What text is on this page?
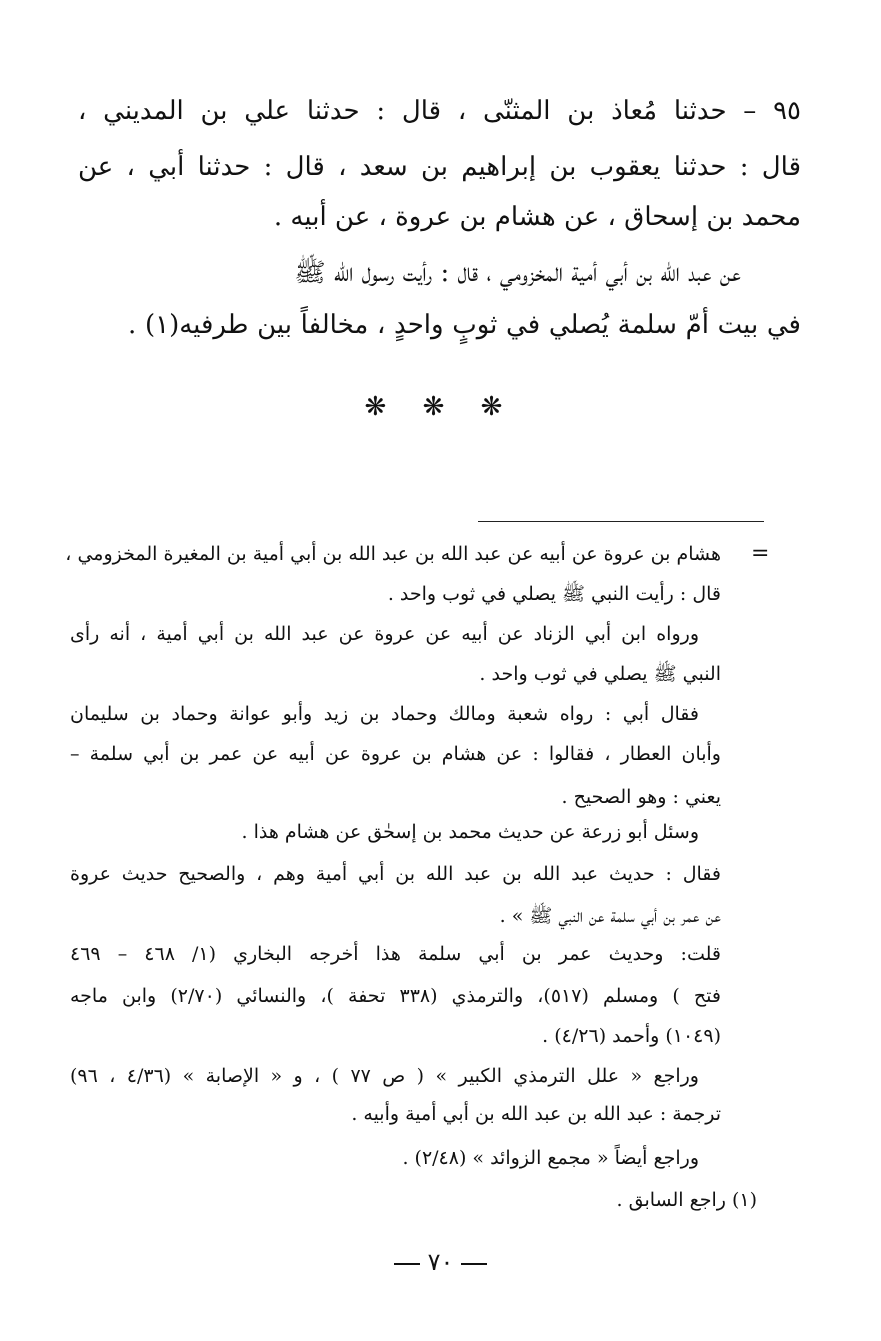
٩٥ – حدثنا مُعاذ بن المثنّى ، قال : حدثنا علي بن المديني ،
قال : حدثنا يعقوب بن إبراهيم بن سعد ، قال : حدثنا أبي ، عن
محمد بن إسحاق ، عن هشام بن عروة ، عن أبيه .
عن عبد الله بن أبي أمية المخزومي ، قال : رأيت رسول الله ﷺ
في بيت أمّ سلمة يُصلي في ثوبٍ واحدٍ ، مخالفاً بين طرفيه(١) .
❋ ❋ ❋
=
هشام بن عروة عن أبيه عن عبد الله بن عبد الله بن أبي أمية بن المغيرة المخزومي ،
قال : رأيت النبي ﷺ يصلي في ثوب واحد .
ورواه ابن أبي الزناد عن أبيه عن عروة عن عبد الله بن أبي أمية ، أنه رأى
النبي ﷺ يصلي في ثوب واحد .
فقال أبي : رواه شعبة ومالك وحماد بن زيد وأبو عوانة وحماد بن سليمان
وأبان العطار ، فقالوا : عن هشام بن عروة عن أبيه عن عمر بن أبي سلمة –
يعني : وهو الصحيح .
وسئل أبو زرعة عن حديث محمد بن إسحٰق عن هشام هذا .
فقال : حديث عبد الله بن عبد الله بن أبي أمية وهم ، والصحيح حديث عروة
عن عمر بن أبي سلمة عن النبي ﷺ » .
قلت: وحديث عمر بن أبي سلمة هذا أخرجه البخاري (١/ ٤٦٨ – ٤٦٩
فتح ) ومسلم (٥١٧)، والترمذي (٣٣٨ تحفة )، والنسائي (٢/٧٠) وابن ماجه
(١٠٤٩) وأحمد (٤/٢٦) .
وراجع « علل الترمذي الكبير » ( ص ٧٧ ) ، و « الإصابة » (٤/٣٦ ، ٩٦)
ترجمة : عبد الله بن عبد الله بن أبي أمية وأبيه .
وراجع أيضاً « مجمع الزوائد » (٢/٤٨) .
(١) راجع السابق .
٧٠
